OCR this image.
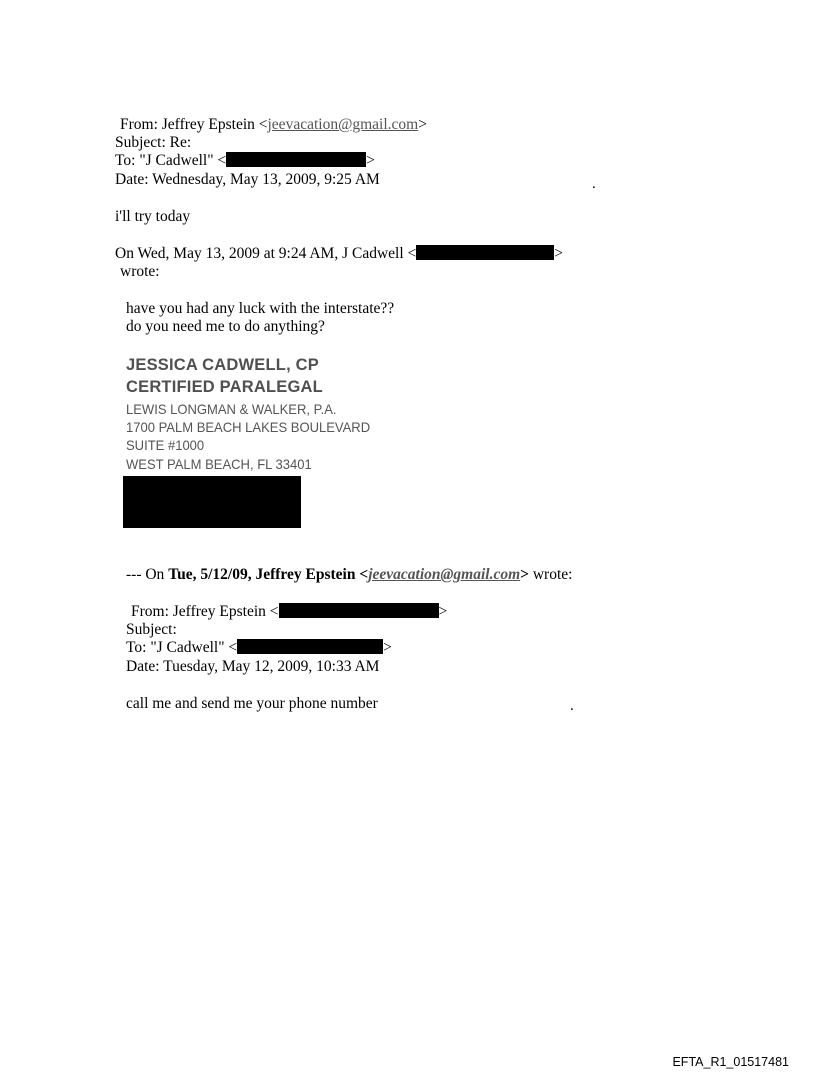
From: Jeffrey Epstein <jeevacation@gmail.com>
Subject: Re:
To: "J Cadwell" <	>
Date: Wednesday, May 13, 2009, 9:25 AM	.
i'll try today
On Wed, May 13, 2009 at 9:24 AM, J Cadwell <	>
wrote:
have you had any luck with the interstate??
do you need me to do anything?
JESSICA CADWELL, CP
CERTIFIED PARALEGAL
LEWIS LONGMAN & WALKER, P.A.
1700 PALM BEACH LAKES BOULEVARD
SUITE #1000
WEST PALM BEACH, FL 33401
--- On Tue, 5/12/09, Jeffrey Epstein <jeevacation@gmail.com> wrote:
From: Jeffrey Epstein <	>
Subject:
To: "J Cadwell" <	>
Date: Tuesday, May 12, 2009, 10:33 AM
call me and send me your phone number	.
EFTA_R1_01517481
